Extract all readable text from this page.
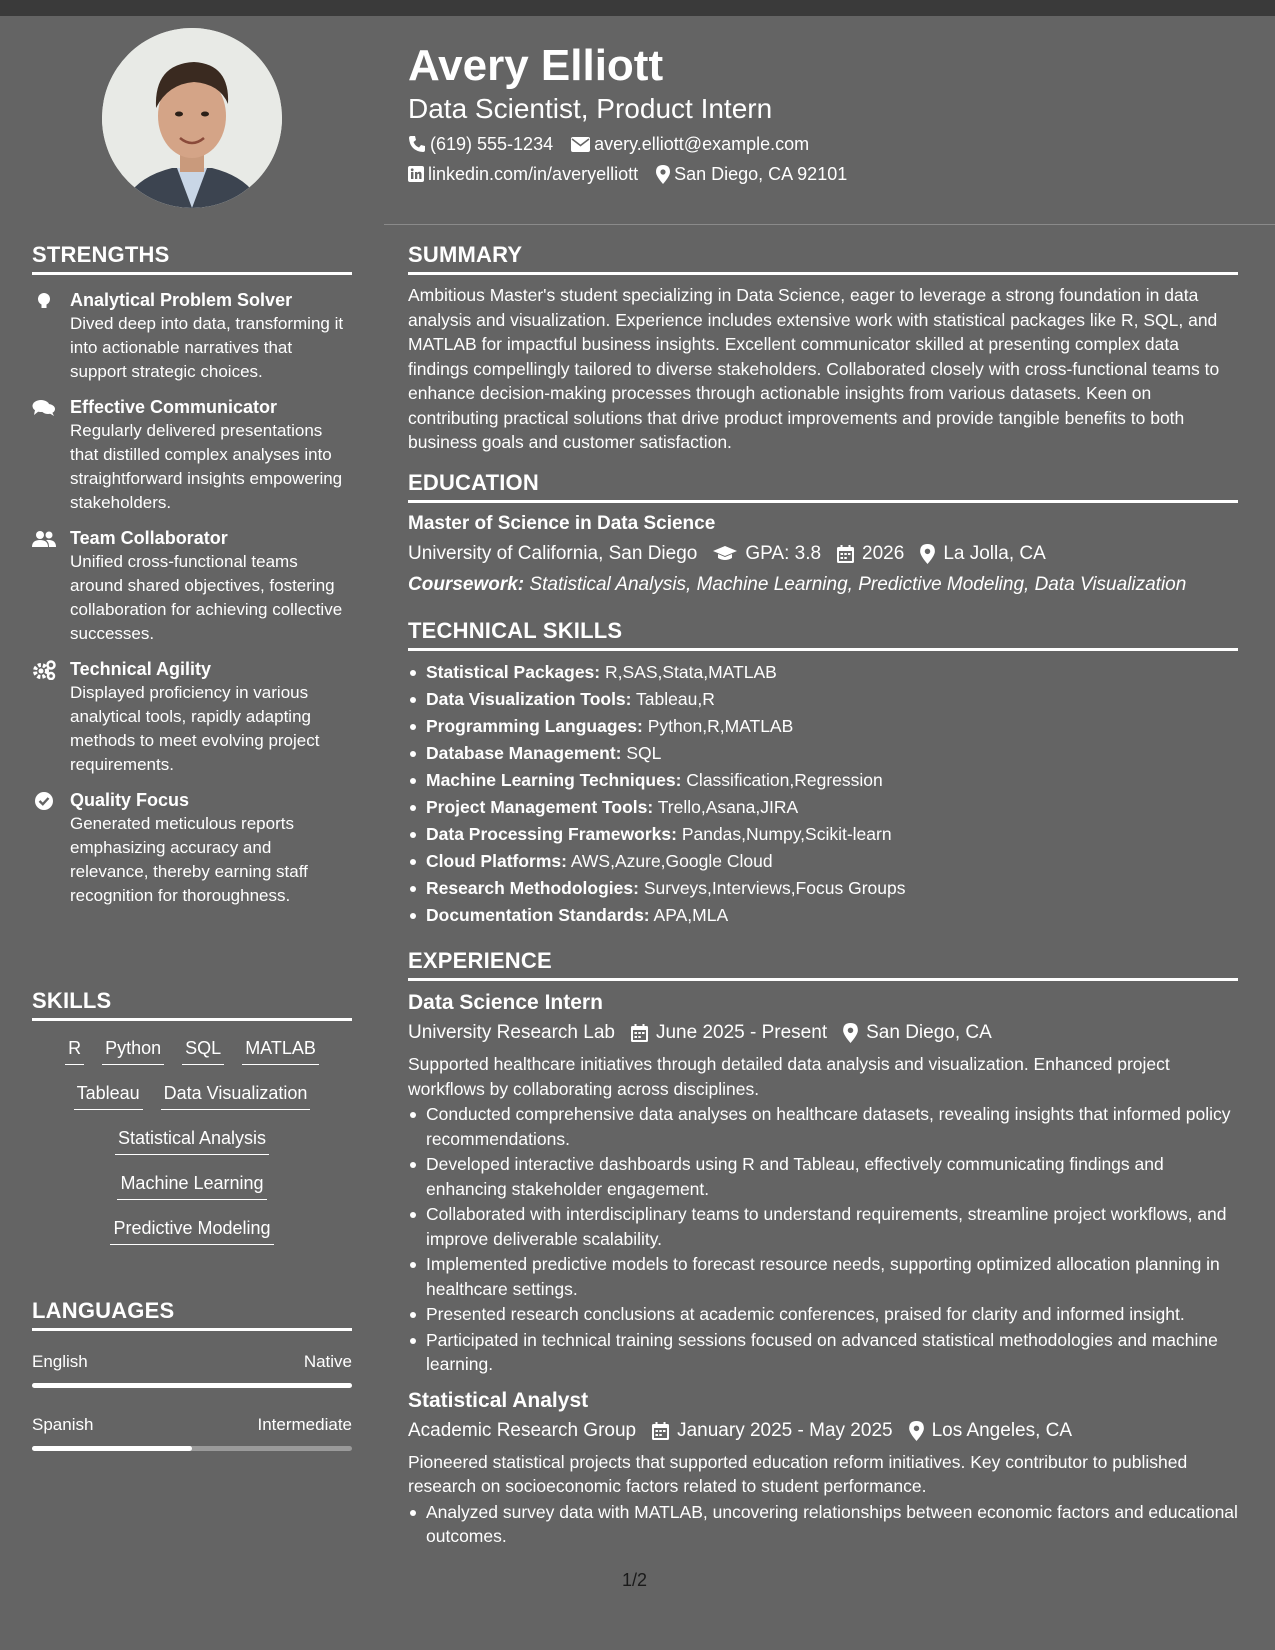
STRENGTHS
Analytical Problem Solver
Dived deep into data, transforming it into actionable narratives that support strategic choices.
Effective Communicator
Regularly delivered presentations that distilled complex analyses into straightforward insights empowering stakeholders.
Team Collaborator
Unified cross-functional teams around shared objectives, fostering collaboration for achieving collective successes.
Technical Agility
Displayed proficiency in various analytical tools, rapidly adapting methods to meet evolving project requirements.
Quality Focus
Generated meticulous reports emphasizing accuracy and relevance, thereby earning staff recognition for thoroughness.
SKILLS
R Python SQL MATLAB
Tableau Data Visualization
Statistical Analysis
Machine Learning
Predictive Modeling
LANGUAGES
English	Native
Spanish	Intermediate
Avery Elliott
Data Scientist, Product Intern
(619) 555-1234 avery.elliott@example.com
linkedin.com/in/averyelliott San Diego, CA 92101
SUMMARY
Ambitious Master's student specializing in Data Science, eager to leverage a strong foundation in data analysis and visualization. Experience includes extensive work with statistical packages like R, SQL, and MATLAB for impactful business insights. Excellent communicator skilled at presenting complex data findings compellingly tailored to diverse stakeholders. Collaborated closely with cross-functional teams to enhance decision-making processes through actionable insights from various datasets. Keen on contributing practical solutions that drive product improvements and provide tangible benefits to both business goals and customer satisfaction.
EDUCATION
Master of Science in Data Science
University of California, San Diego	GPA: 3.8 2026 La Jolla, CA
Coursework: Statistical Analysis, Machine Learning, Predictive Modeling, Data Visualization
TECHNICAL SKILLS
Statistical Packages: R,SAS,Stata,MATLAB
Data Visualization Tools: Tableau,R
Programming Languages: Python,R,MATLAB
Database Management: SQL
Machine Learning Techniques: Classification,Regression
Project Management Tools: Trello,Asana,JIRA
Data Processing Frameworks: Pandas,Numpy,Scikit-learn
Cloud Platforms: AWS,Azure,Google Cloud
Research Methodologies: Surveys,Interviews,Focus Groups
Documentation Standards: APA,MLA
EXPERIENCE
Data Science Intern
University Research Lab June 2025 - Present San Diego, CA
Supported healthcare initiatives through detailed data analysis and visualization. Enhanced project workflows by collaborating across disciplines.
Conducted comprehensive data analyses on healthcare datasets, revealing insights that informed policy recommendations.
Developed interactive dashboards using R and Tableau, effectively communicating findings and enhancing stakeholder engagement.
Collaborated with interdisciplinary teams to understand requirements, streamline project workflows, and improve deliverable scalability.
Implemented predictive models to forecast resource needs, supporting optimized allocation planning in healthcare settings.
Presented research conclusions at academic conferences, praised for clarity and informed insight.
Participated in technical training sessions focused on advanced statistical methodologies and machine learning.
Statistical Analyst
Academic Research Group January 2025 - May 2025 Los Angeles, CA
Pioneered statistical projects that supported education reform initiatives. Key contributor to published research on socioeconomic factors related to student performance.
Analyzed survey data with MATLAB, uncovering relationships between economic factors and educational outcomes.
1/2
